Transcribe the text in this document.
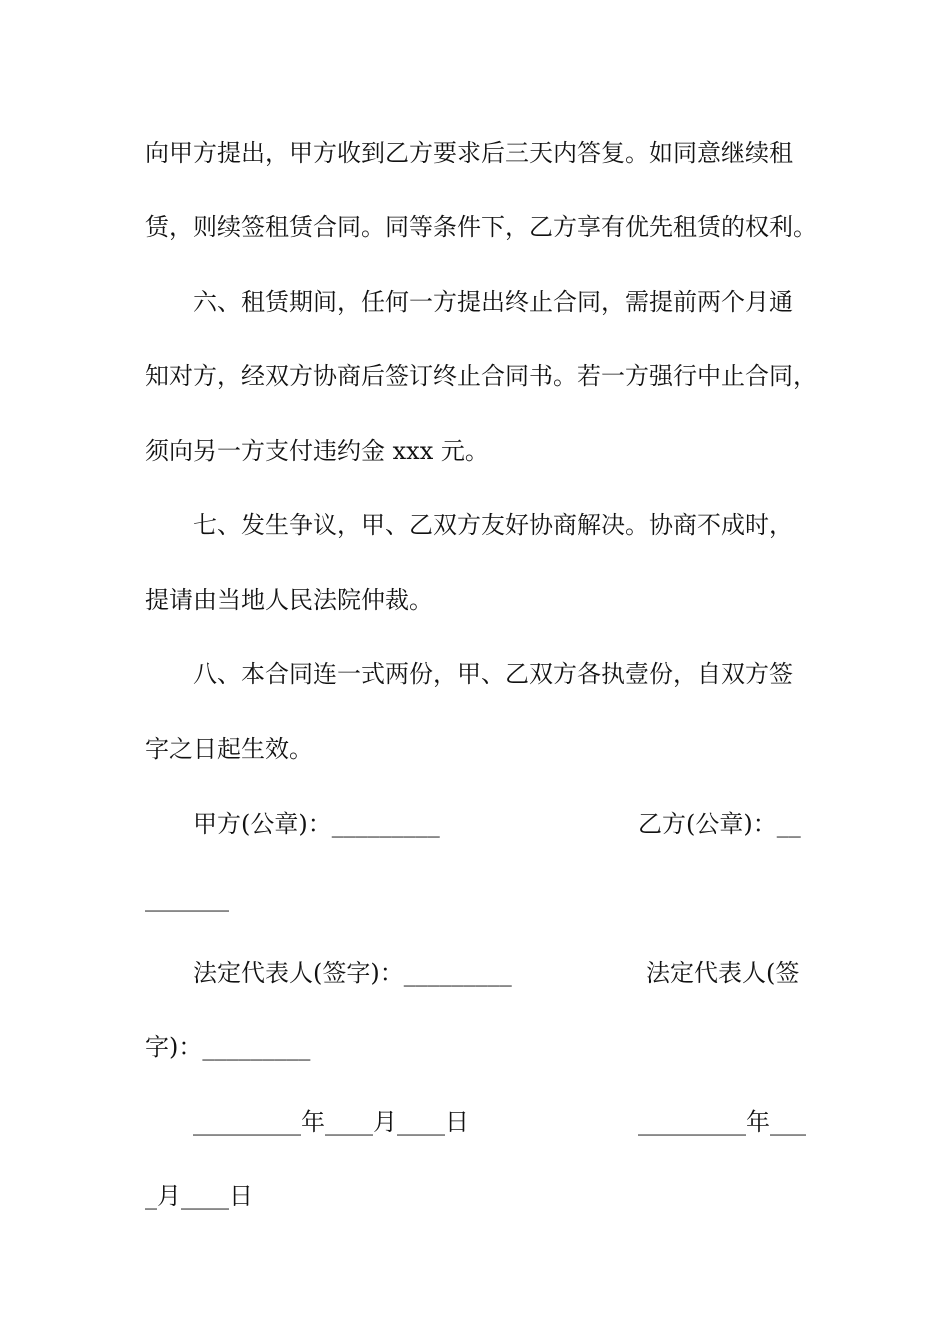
向甲方提出，甲方收到乙方要求后三天内答复。如同意继续租
赁，则续签租赁合同。同等条件下，乙方享有优先租赁的权利。
六、租赁期间，任何一方提出终止合同，需提前两个月通
知对方，经双方协商后签订终止合同书。若一方强行中止合同，
须向另一方支付违约金 xxx 元。
七、发生争议，甲、乙双方友好协商解决。协商不成时，
提请由当地人民法院仲裁。
八、本合同连一式两份，甲、乙双方各执壹份，自双方签
字之日起生效。
甲方(公章)：_________	乙方(公章)：__
_______
法定代表人(签字)：_________	法定代表人(签
字)：_________
_________年____月____日	_________年___
_月____日
